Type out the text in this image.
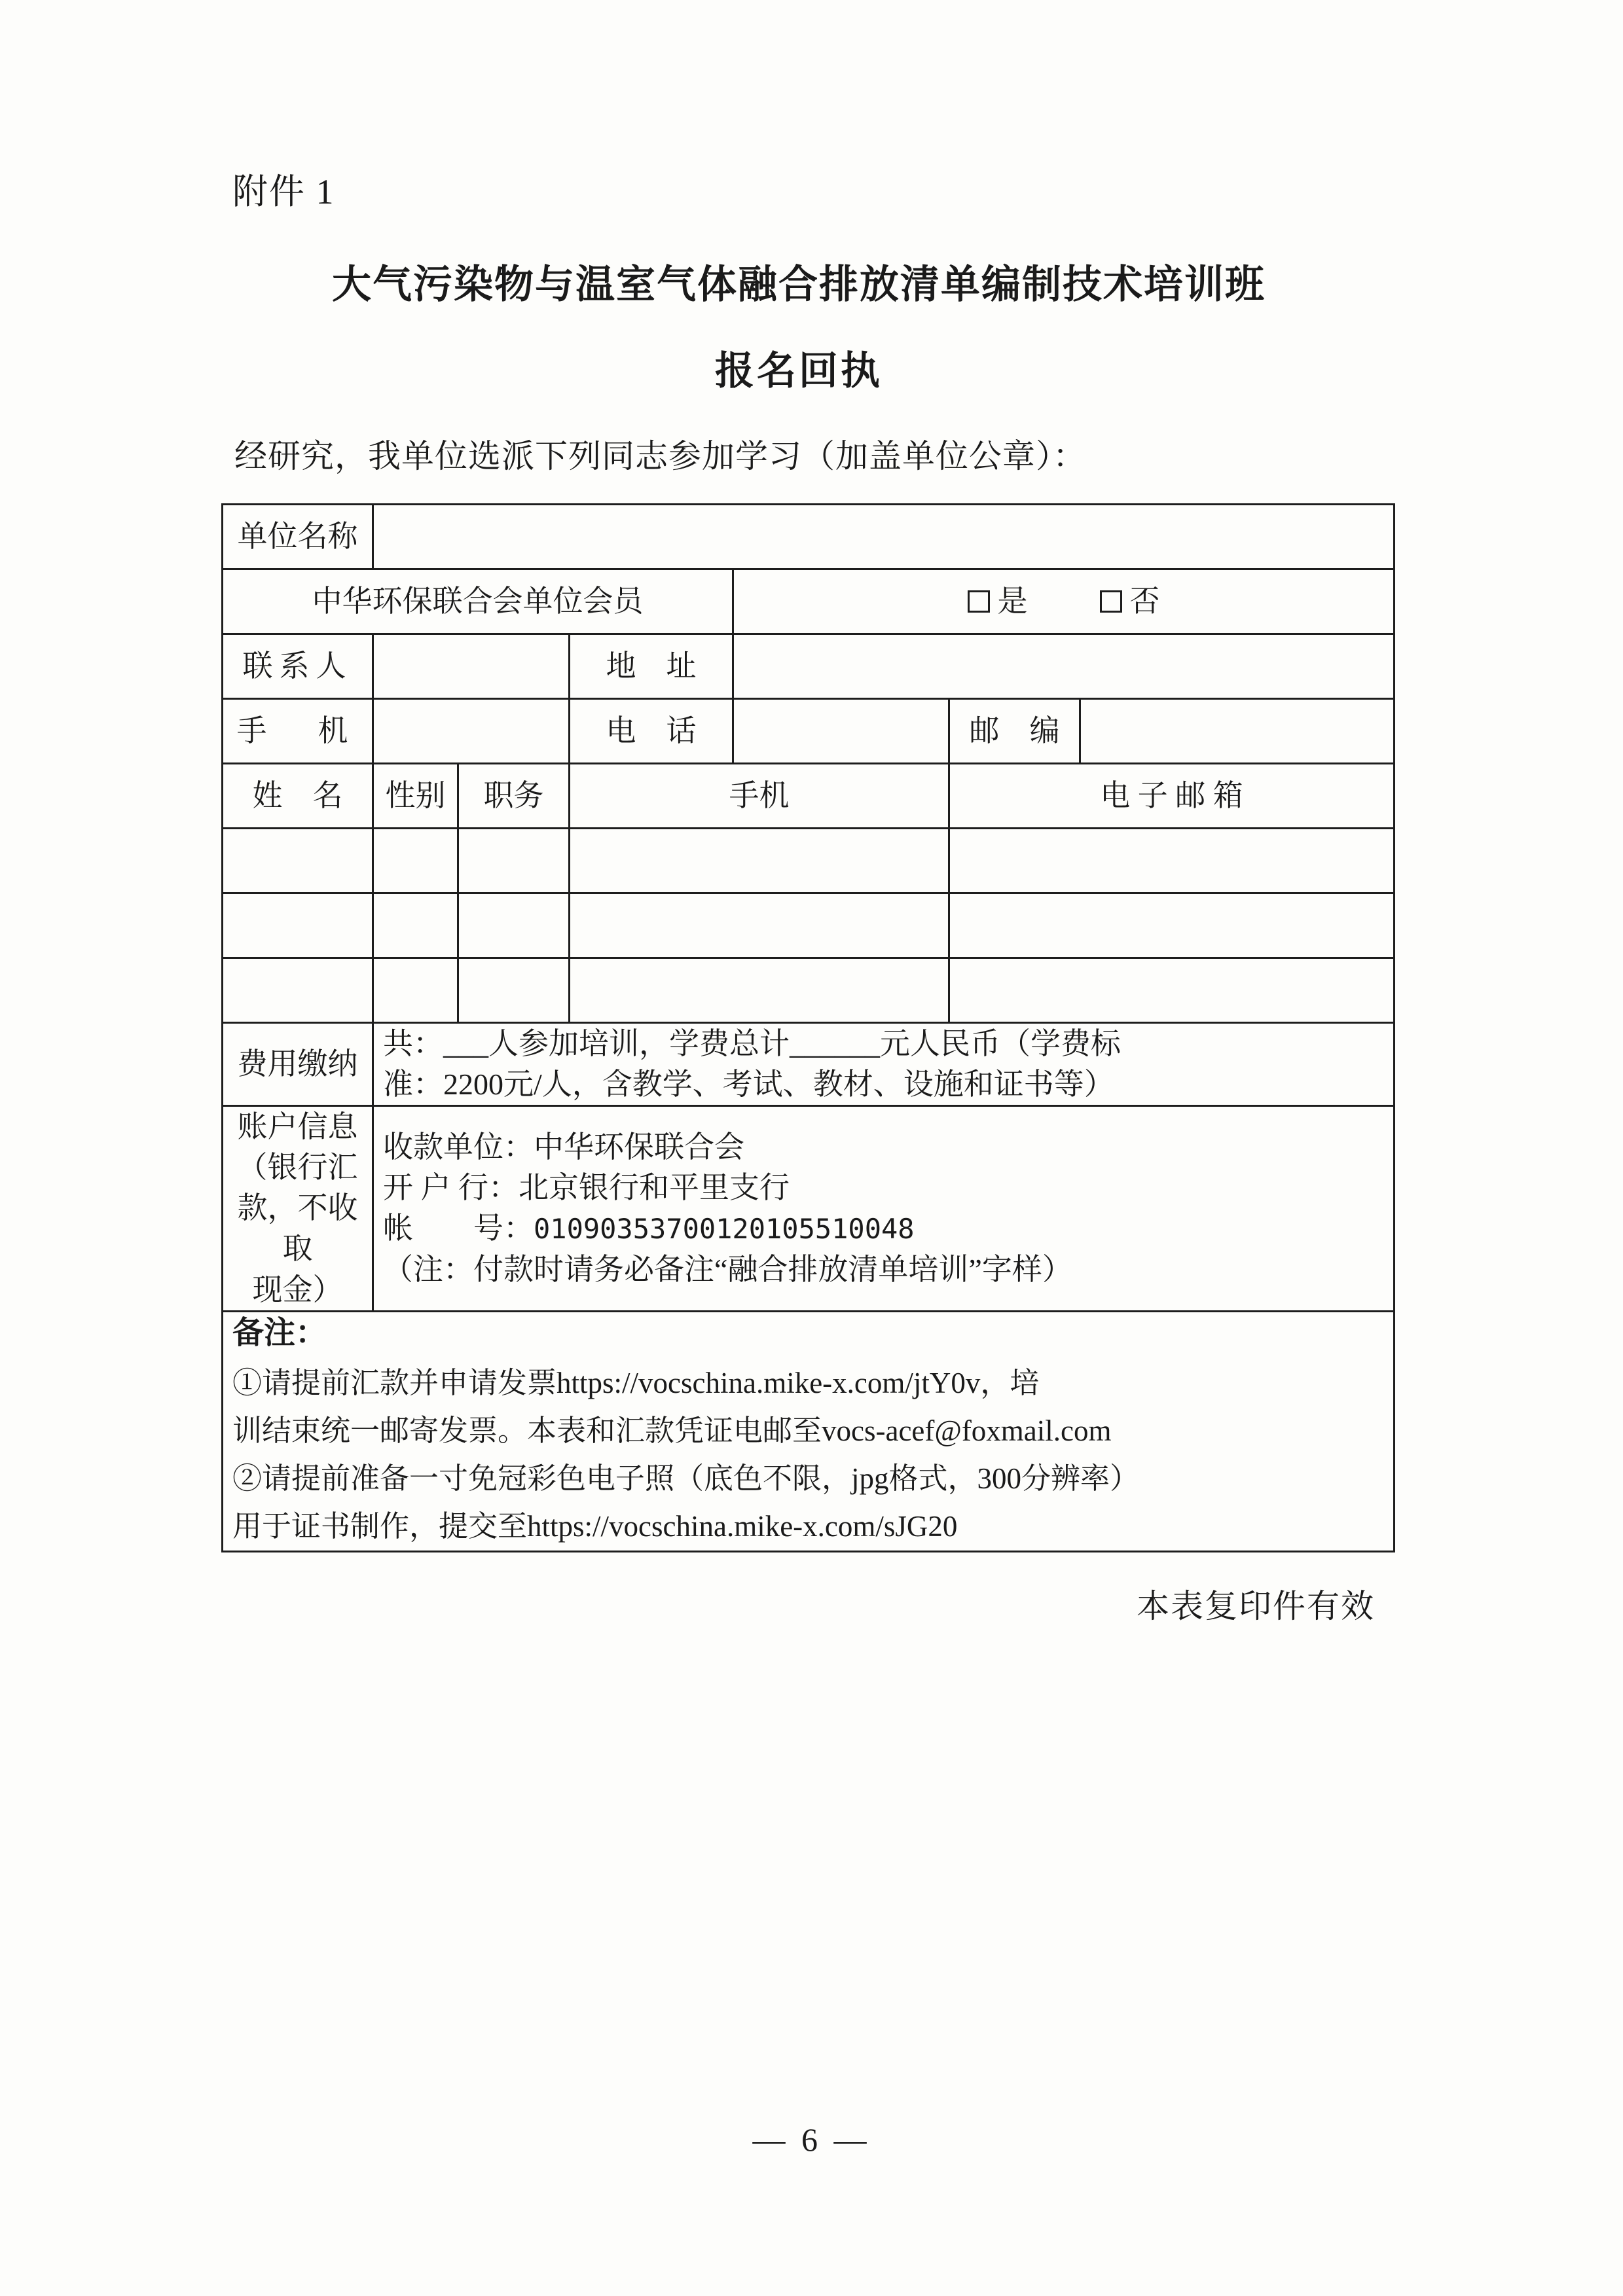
附件 1
大气污染物与温室气体融合排放清单编制技术培训班
报名回执

经研究，我单位选派下列同志参加学习（加盖单位公章）：

单位名称						
中华环保联合会单位会员				是 否		

联系人			地　址			
手　机			电　话		邮　编	
姓　名	性别	职务	手机		电 子 邮 箱	

费用缴纳	共：___人参加培训，学费总计______元人民币（学费标
准：2200元/人，含教学、考试、教材、设施和证书等）					

账户信息
（银行汇
款，不收取
现金）

收款单位：中华环保联合会
开 户 行：北京银行和平里支行
帐　　号：01090353700120105510048
（注：付款时请务必备注“融合排放清单培训”字样）

备注：
①请提前汇款并申请发票https://vocschina.mike-x.com/jtY0v，培
训结束统一邮寄发票。本表和汇款凭证电邮至vocs-acef@foxmail.com
②请提前准备一寸免冠彩色电子照（底色不限，jpg格式，300分辨率）
用于证书制作，提交至https://vocschina.mike-x.com/sJG20						
本表复印件有效
— 6 —
